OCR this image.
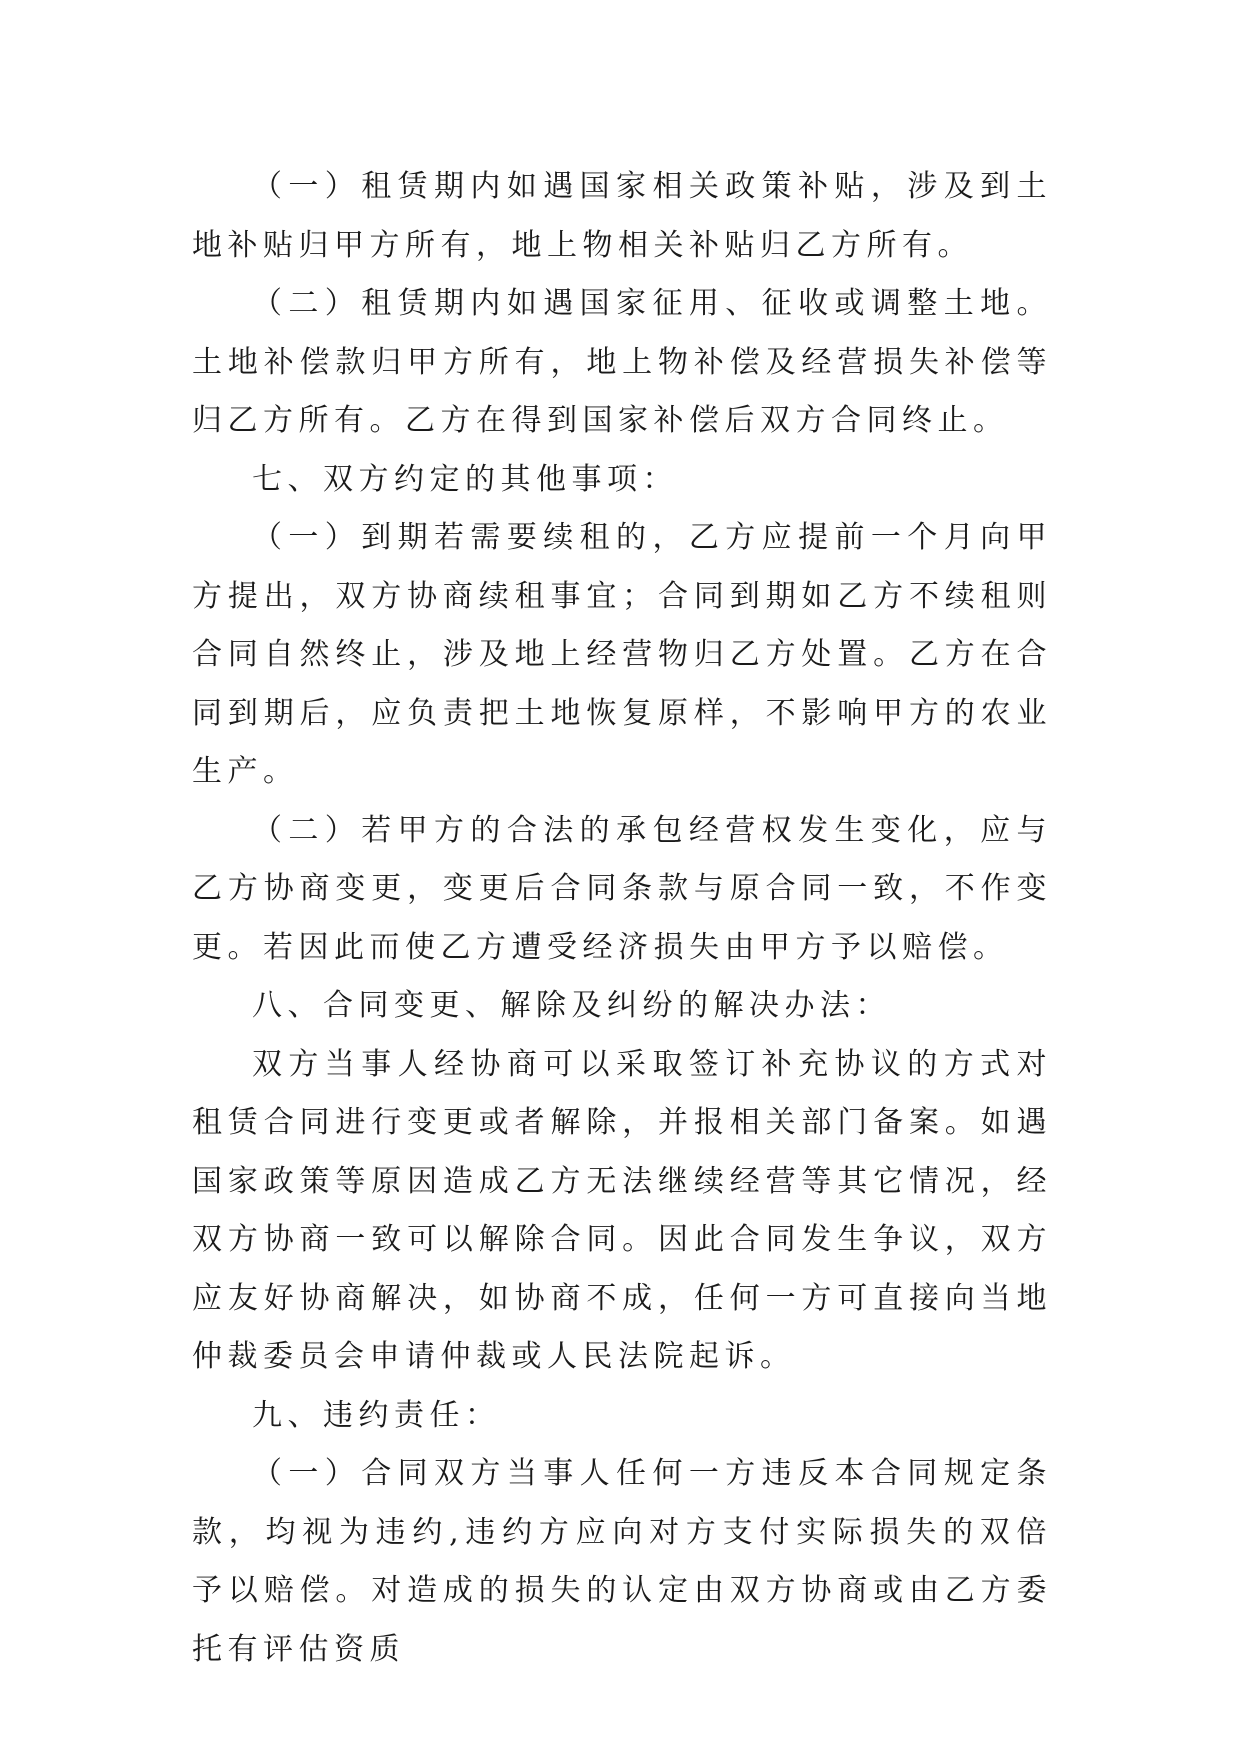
（一）租赁期内如遇国家相关政策补贴，涉及到土地补贴归甲方所有，地上物相关补贴归乙方所有。

（二）租赁期内如遇国家征用、征收或调整土地。土地补偿款归甲方所有，地上物补偿及经营损失补偿等归乙方所有。乙方在得到国家补偿后双方合同终止。

七、双方约定的其他事项：

（一）到期若需要续租的，乙方应提前一个月向甲方提出，双方协商续租事宜；合同到期如乙方不续租则合同自然终止，涉及地上经营物归乙方处置。乙方在合同到期后，应负责把土地恢复原样，不影响甲方的农业生产。

（二）若甲方的合法的承包经营权发生变化，应与乙方协商变更，变更后合同条款与原合同一致，不作变更。若因此而使乙方遭受经济损失由甲方予以赔偿。

八、合同变更、解除及纠纷的解决办法：

双方当事人经协商可以采取签订补充协议的方式对租赁合同进行变更或者解除，并报相关部门备案。如遇国家政策等原因造成乙方无法继续经营等其它情况，经双方协商一致可以解除合同。因此合同发生争议，双方应友好协商解决，如协商不成，任何一方可直接向当地仲裁委员会申请仲裁或人民法院起诉。

九、违约责任：

（一）合同双方当事人任何一方违反本合同规定条款，均视为违约,违约方应向对方支付实际损失的双倍予以赔偿。对造成的损失的认定由双方协商或由乙方委托有评估资质
